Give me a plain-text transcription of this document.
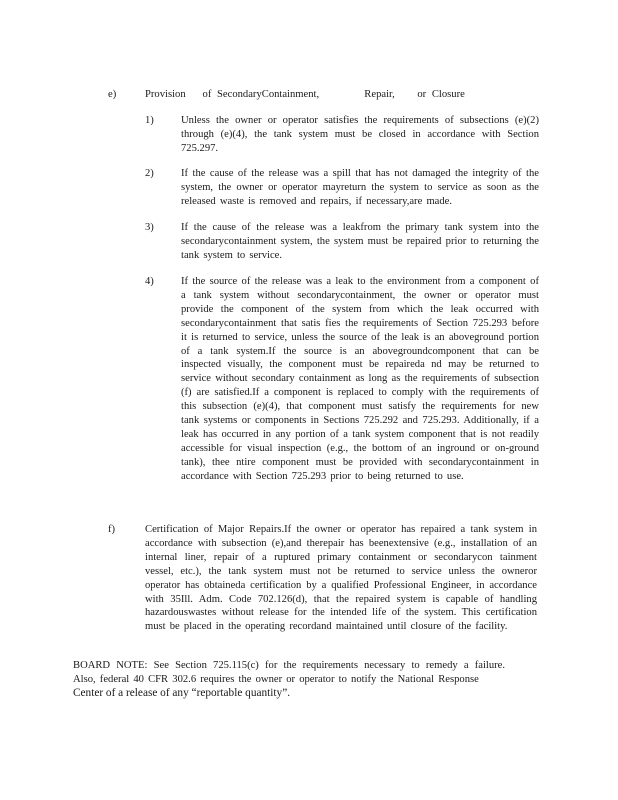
e)	Provision   of SecondaryContainment,        Repair,    or Closure
1)	Unless the owner or operator satisfies the requirements of subsections (e)(2) through (e)(4), the tank system must be closed in accordance with Section 725.297.
2)	If the cause of the release was a spill that has not damaged the integrity of the system, the owner or operator mayreturn the system to service as soon as the released waste is removed and repairs, if necessary,are made.
3)	If the cause of the release was a leakfrom the primary tank system into the secondarycontainment system, the system must be repaired prior to returning the tank system to service.
4)	If the source of the release was a leak to the environment from a component of a tank system without secondarycontainment, the owner or operator must provide the component of the system from which the leak occurred with secondarycontainment that satis fies the requirements of Section 725.293 before it is returned to service, unless the source of the leak is an aboveground portion of a tank system.If the source is an abovegroundcomponent that can be inspected visually, the component must be repaireda nd may be returned to service without secondary containment as long as the requirements of subsection (f) are satisfied.If a component is replaced to comply with the requirements of this subsection (e)(4), that component must satisfy the requirements for new tank systems or components in Sections 725.292 and 725.293. Additionally, if a leak has occurred in any portion of a tank system component that is not readily accessible for visual inspection (e.g., the bottom of an inground or on-ground tank), thee ntire component must be provided with secondarycontainment in accordance with Section 725.293 prior to being returned to use.
f)	Certification of Major Repairs.If the owner or operator has repaired a tank system in accordance with subsection (e),and therepair has beenextensive (e.g., installation of an internal liner, repair of a ruptured primary containment or secondarycon tainment vessel, etc.), the tank system must not be returned to service unless the owneror operator has obtaineda certification by a qualified Professional Engineer, in accordance with 35Ill. Adm. Code 702.126(d), that the repaired system is capable of handling hazardouswastes without release for the intended life of the system. This certification must be placed in the operating recordand maintained until closure of the facility.
BOARD NOTE: See Section 725.115(c) for the requirements necessary to remedy a failure. Also, federal 40 CFR 302.6 requires the owner or operator to notify the National Response
Center of a release of any “reportable quantity”.
